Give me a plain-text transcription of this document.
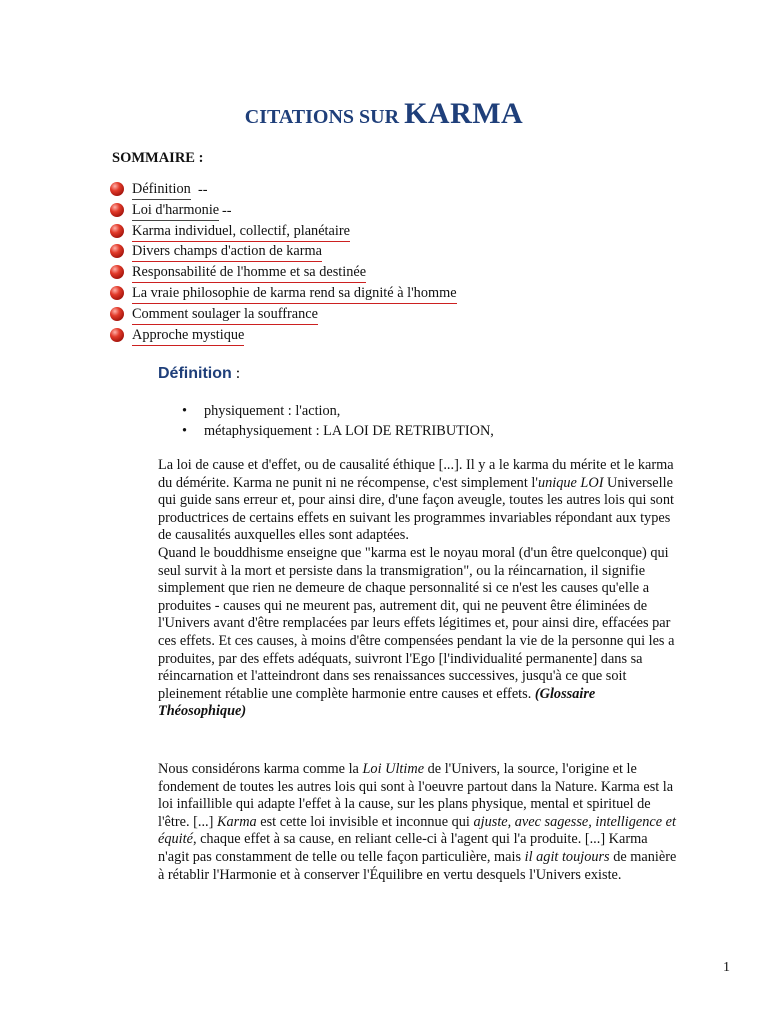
CITATIONS SUR KARMA
SOMMAIRE :
Définition --
Loi d'harmonie --
Karma individuel, collectif, planétaire
Divers champs d'action de karma
Responsabilité de l'homme et sa destinée
La vraie philosophie de karma rend sa dignité à l'homme
Comment soulager la souffrance
Approche mystique
Définition :
• physiquement : l'action,
• métaphysiquement : LA LOI DE RETRIBUTION,

La loi de cause et d'effet, ou de causalité éthique [...]. Il y a le karma du mérite et le karma du démérite. Karma ne punit ni ne récompense, c'est simplement l'unique LOI Universelle qui guide sans erreur et, pour ainsi dire, d'une façon aveugle, toutes les autres lois qui sont productrices de certains effets en suivant les programmes invariables répondant aux types de causalités auxquelles elles sont adaptées.
Quand le bouddhisme enseigne que "karma est le noyau moral (d'un être quelconque) qui seul survit à la mort et persiste dans la transmigration", ou la réincarnation, il signifie simplement que rien ne demeure de chaque personnalité si ce n'est les causes qu'elle a produites - causes qui ne meurent pas, autrement dit, qui ne peuvent être éliminées de l'Univers avant d'être remplacées par leurs effets légitimes et, pour ainsi dire, effacées par ces effets. Et ces causes, à moins d'être compensées pendant la vie de la personne qui les a produites, par des effets adéquats, suivront l'Ego [l'individualité permanente] dans sa réincarnation et l'atteindront dans ses renaissances successives, jusqu'à ce que soit pleinement rétablie une complète harmonie entre causes et effets. (Glossaire Théosophique)

Nous considérons karma comme la Loi Ultime de l'Univers, la source, l'origine et le fondement de toutes les autres lois qui sont à l'oeuvre partout dans la Nature. Karma est la loi infaillible qui adapte l'effet à la cause, sur les plans physique, mental et spirituel de l'être. [...] Karma est cette loi invisible et inconnue qui ajuste, avec sagesse, intelligence et équité, chaque effet à sa cause, en reliant celle-ci à l'agent qui l'a produite. [...] Karma n'agit pas constamment de telle ou telle façon particulière, mais il agit toujours de manière à rétablir l'Harmonie et à conserver l'Équilibre en vertu desquels l'Univers existe.

1
